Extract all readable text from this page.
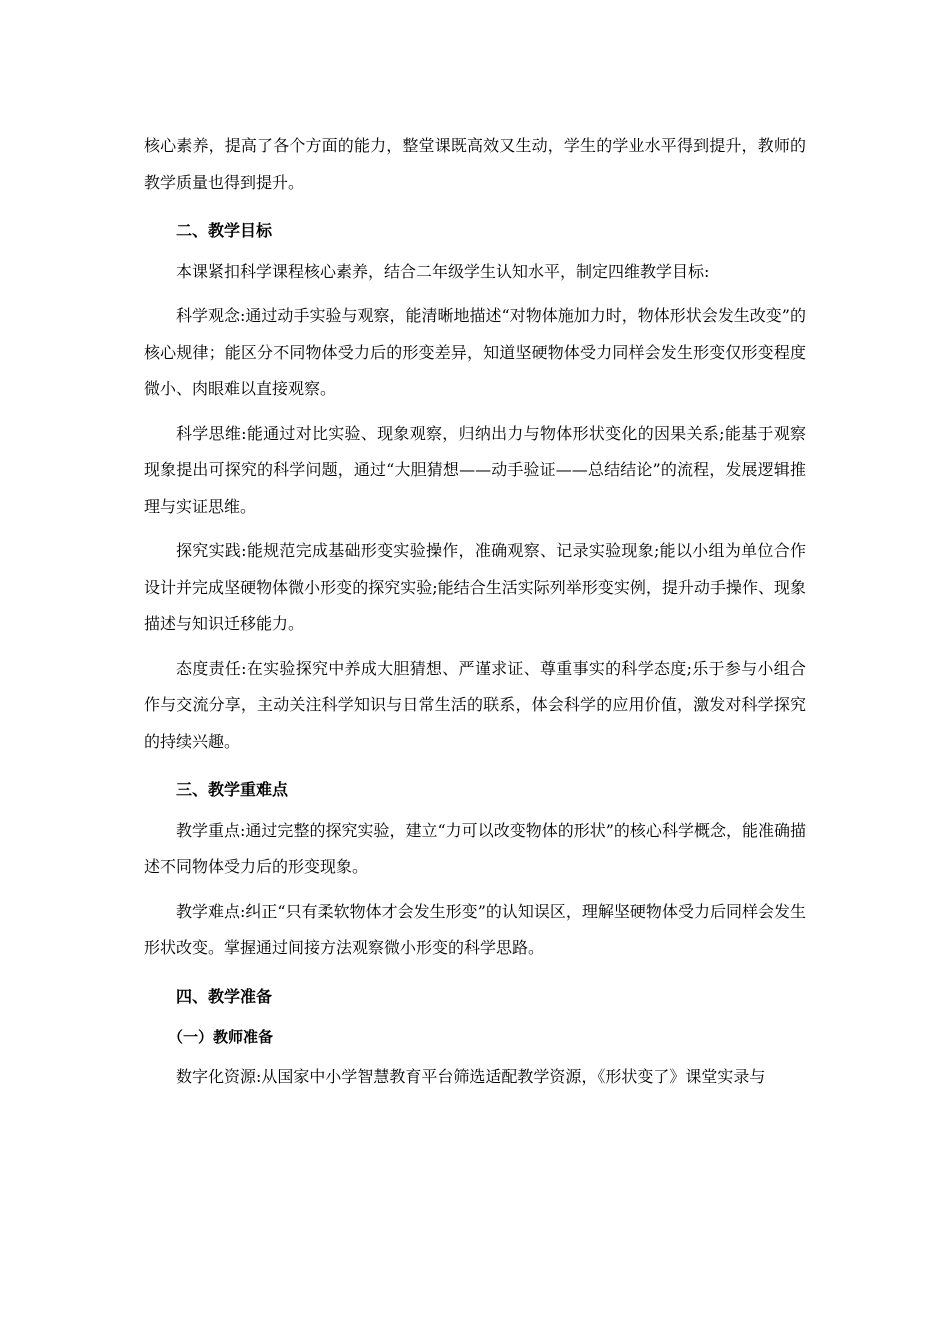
核心素养，提高了各个方面的能力，整堂课既高效又生动，学生的学业水平得到提升，教师的教学质量也得到提升。

二、教学目标

本课紧扣科学课程核心素养，结合二年级学生认知水平，制定四维教学目标:

科学观念:通过动手实验与观察，能清晰地描述“对物体施加力时，物体形状会发生改变”的核心规律；能区分不同物体受力后的形变差异，知道坚硬物体受力同样会发生形变仅形变程度微小、肉眼难以直接观察。

科学思维:能通过对比实验、现象观察，归纳出力与物体形状变化的因果关系;能基于观察现象提出可探究的科学问题，通过“大胆猜想——动手验证——总结结论”的流程，发展逻辑推理与实证思维。

探究实践:能规范完成基础形变实验操作，准确观察、记录实验现象;能以小组为单位合作设计并完成坚硬物体微小形变的探究实验;能结合生活实际列举形变实例，提升动手操作、现象描述与知识迁移能力。

态度责任:在实验探究中养成大胆猜想、严谨求证、尊重事实的科学态度;乐于参与小组合作与交流分享，主动关注科学知识与日常生活的联系，体会科学的应用价值，激发对科学探究的持续兴趣。

三、教学重难点

教学重点:通过完整的探究实验，建立“力可以改变物体的形状”的核心科学概念，能准确描述不同物体受力后的形变现象。

教学难点:纠正“只有柔软物体才会发生形变”的认知误区，理解坚硬物体受力后同样会发生形状改变。掌握通过间接方法观察微小形变的科学思路。

四、教学准备

（一）教师准备

数字化资源:从国家中小学智慧教育平台筛选适配教学资源，《形状变了》课堂实录与
